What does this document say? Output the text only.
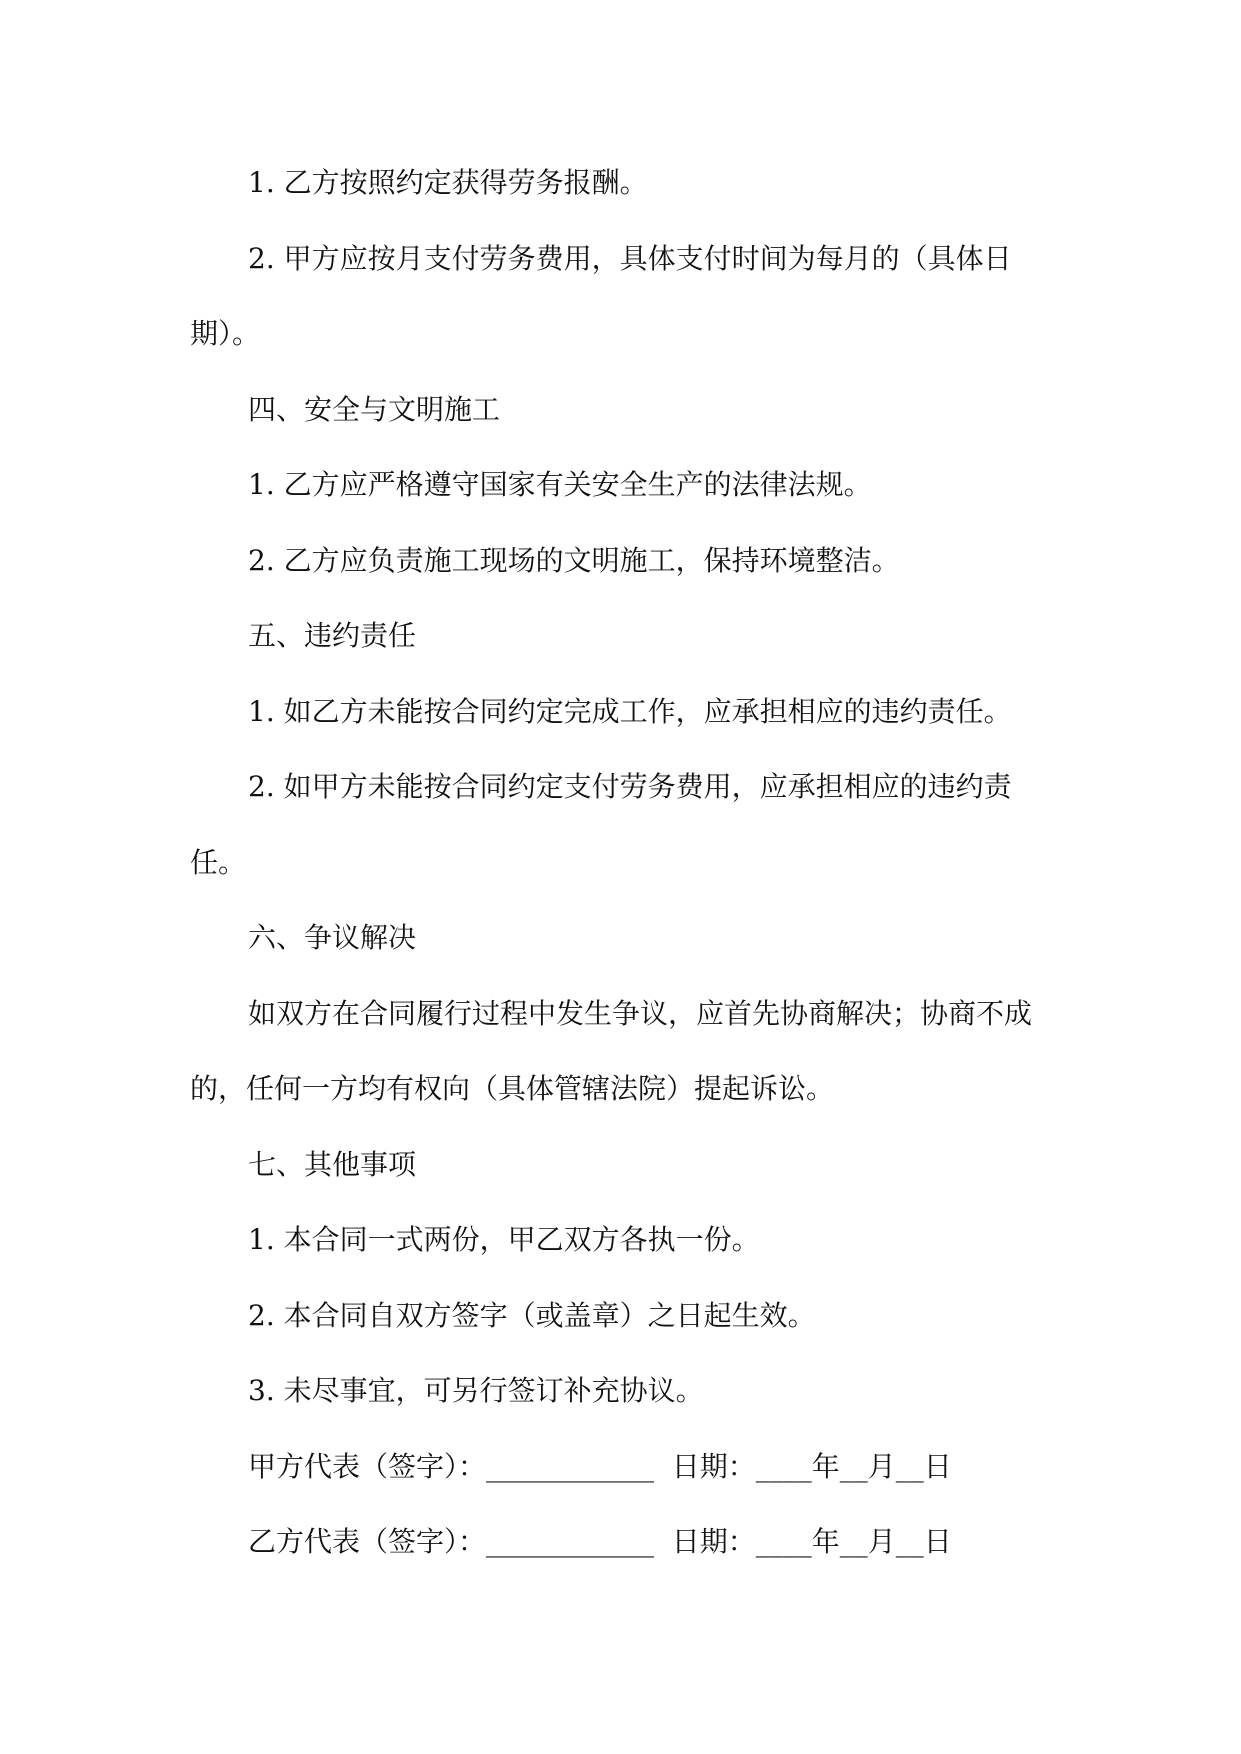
1. 乙方按照约定获得劳务报酬。

2. 甲方应按月支付劳务费用，具体支付时间为每月的（具体日期）。

四、安全与文明施工

1. 乙方应严格遵守国家有关安全生产的法律法规。

2. 乙方应负责施工现场的文明施工，保持环境整洁。

五、违约责任

1. 如乙方未能按合同约定完成工作，应承担相应的违约责任。

2. 如甲方未能按合同约定支付劳务费用，应承担相应的违约责任。

六、争议解决

如双方在合同履行过程中发生争议，应首先协商解决；协商不成的，任何一方均有权向（具体管辖法院）提起诉讼。

七、其他事项

1. 本合同一式两份，甲乙双方各执一份。

2. 本合同自双方签字（或盖章）之日起生效。

3. 未尽事宜，可另行签订补充协议。

甲方代表（签字）：____________  日期：____年__月__日

乙方代表（签字）：____________  日期：____年__月__日
